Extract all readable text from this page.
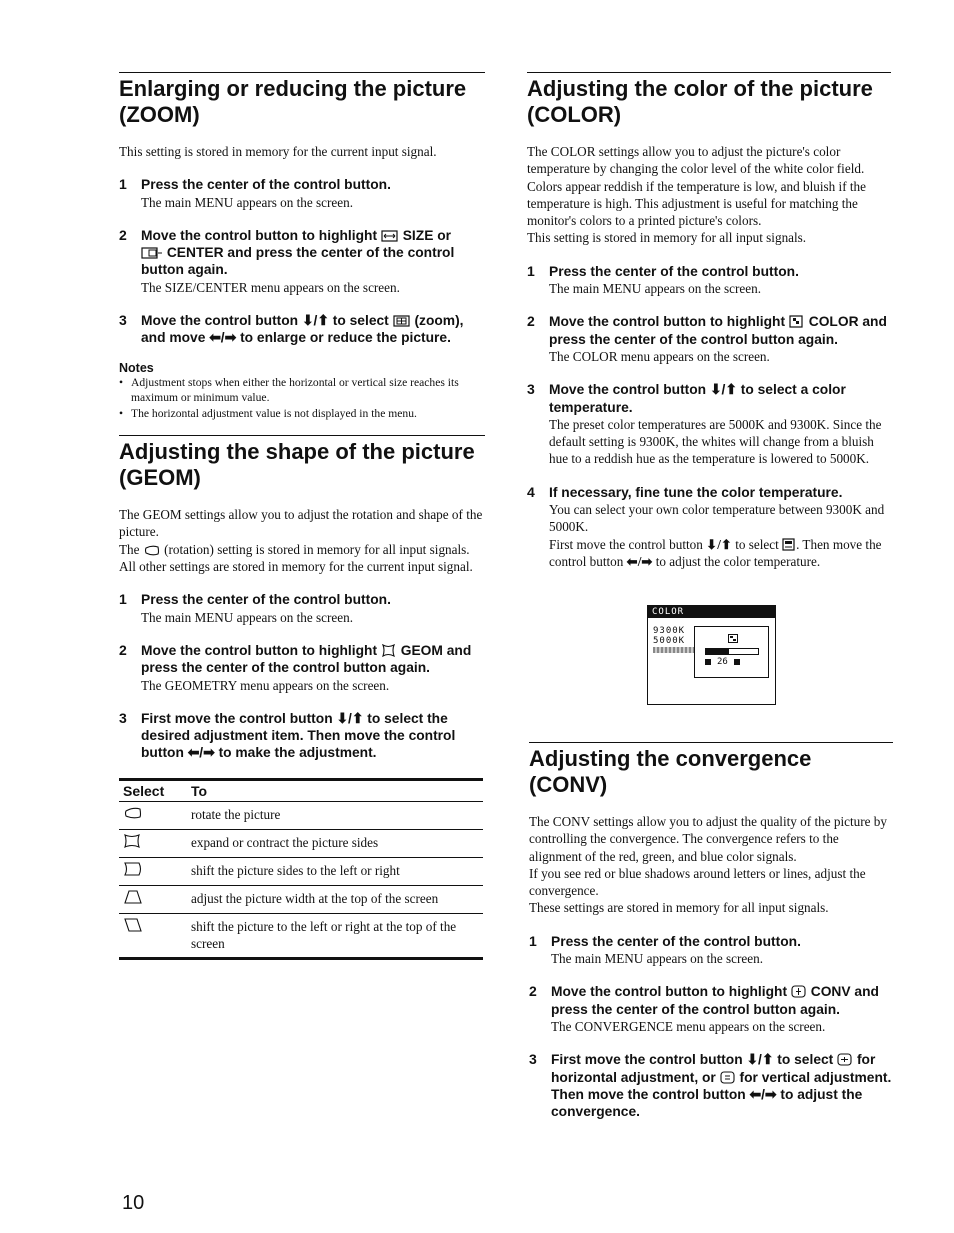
Enlarging or reducing the picture (ZOOM)

This setting is stored in memory for the current input signal.

1	Press the center of the control button.

The main MENU appears on the screen.

2	Move the control button to highlight SIZE or
CENTER and press the center of the control button again.

The SIZE/CENTER menu appears on the screen.

3	Move the control button ⬇/⬆ to select (zoom), and move ⬅/➡ to enlarge or reduce the picture.

Notes

• Adjustment stops when either the horizontal or vertical size reaches its maximum or minimum value.

• The horizontal adjustment value is not displayed in the menu.

Adjusting the shape of the picture (GEOM)

The GEOM settings allow you to adjust the rotation and shape of the picture.

The (rotation) setting is stored in memory for all input signals. All other settings are stored in memory for the current input signal.

1	Press the center of the control button.

The main MENU appears on the screen.

2	Move the control button to highlight GEOM and press the center of the control button again.

The GEOMETRY menu appears on the screen.

3	First move the control button ⬇/⬆ to select the desired adjustment item. Then move the control button ⬅/➡ to make the adjustment.

Select	To
	rotate the picture
	expand or contract the picture sides
	shift the picture sides to the left or right
	adjust the picture width at the top of the screen
	shift the picture to the left or right at the top of the screen
Adjusting the color of the picture (COLOR)

The COLOR settings allow you to adjust the picture's color temperature by changing the color level of the white color field. Colors appear reddish if the temperature is low, and bluish if the temperature is high. This adjustment is useful for matching the monitor's colors to a printed picture's colors.

This setting is stored in memory for all input signals.

1	Press the center of the control button.

The main MENU appears on the screen.

2	Move the control button to highlight COLOR and press the center of the control button again.

The COLOR menu appears on the screen.

3	Move the control button ⬇/⬆ to select a color temperature.

The preset color temperatures are 5000K and 9300K. Since the default setting is 9300K, the whites will change from a bluish hue to a reddish hue as the temperature is lowered to 5000K.

4	If necessary, fine tune the color temperature.

You can select your own color temperature between 9300K and 5000K.

First move the control button ⬇/⬆ to select . Then move the control button ⬅/➡ to adjust the color temperature.

COLOR
9300K
5000K
26
Adjusting the convergence (CONV)

The CONV settings allow you to adjust the quality of the picture by controlling the convergence. The convergence refers to the alignment of the red, green, and blue color signals.

If you see red or blue shadows around letters or lines, adjust the convergence.

These settings are stored in memory for all input signals.

1	Press the center of the control button.

The main MENU appears on the screen.

2	Move the control button to highlight CONV and press the center of the control button again.

The CONVERGENCE menu appears on the screen.

3	First move the control button ⬇/⬆ to select for horizontal adjustment, or for vertical adjustment. Then move the control button ⬅/➡ to adjust the convergence.

10
